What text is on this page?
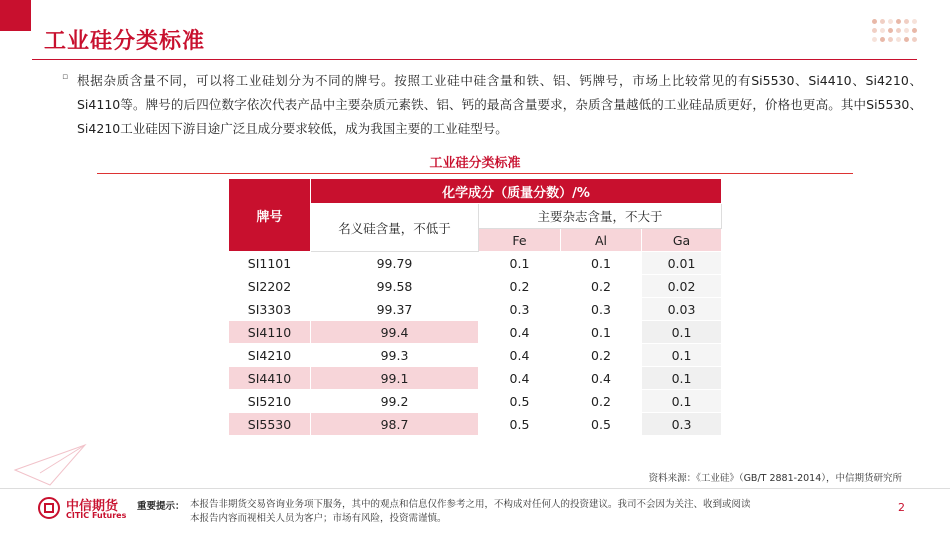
工业硅分类标准
▫ 根据杂质含量不同，可以将工业硅划分为不同的牌号。按照工业硅中硅含量和铁、铝、钙牌号，市场上比较常见的有Si5530、Si4410、Si4210、Si4110等。牌号的后四位数字依次代表产品中主要杂质元素铁、铝、钙的最高含量要求，杂质含量越低的工业硅品质更好，价格也更高。其中Si5530、Si4210工业硅因下游目途广泛且成分要求较低，成为我国主要的工业硅型号。
工业硅分类标准
牌号	化学成分（质量分数）/%			
	名义硅含量，不低于	主要杂志含量，不大于		
		Fe	Al	Ga
SI1101	99.79	0.1	0.1	0.01
SI2202	99.58	0.2	0.2	0.02
SI3303	99.37	0.3	0.3	0.03
SI4110	99.4	0.4	0.1	0.1
SI4210	99.3	0.4	0.2	0.1
SI4410	99.1	0.4	0.4	0.1
SI5210	99.2	0.5	0.2	0.1
SI5530	98.7	0.5	0.5	0.3
资料来源：《工业硅》（GB/T 2881-2014），中信期货研究所
中信期货
CITIC Futures
重要提示： 本报告非期货交易咨询业务项下服务，其中的观点和信息仅作参考之用，不构成对任何人的投资建议。我司不会因为关注、收到或阅读
本报告内容而视相关人员为客户；市场有风险，投资需谨慎。
2
